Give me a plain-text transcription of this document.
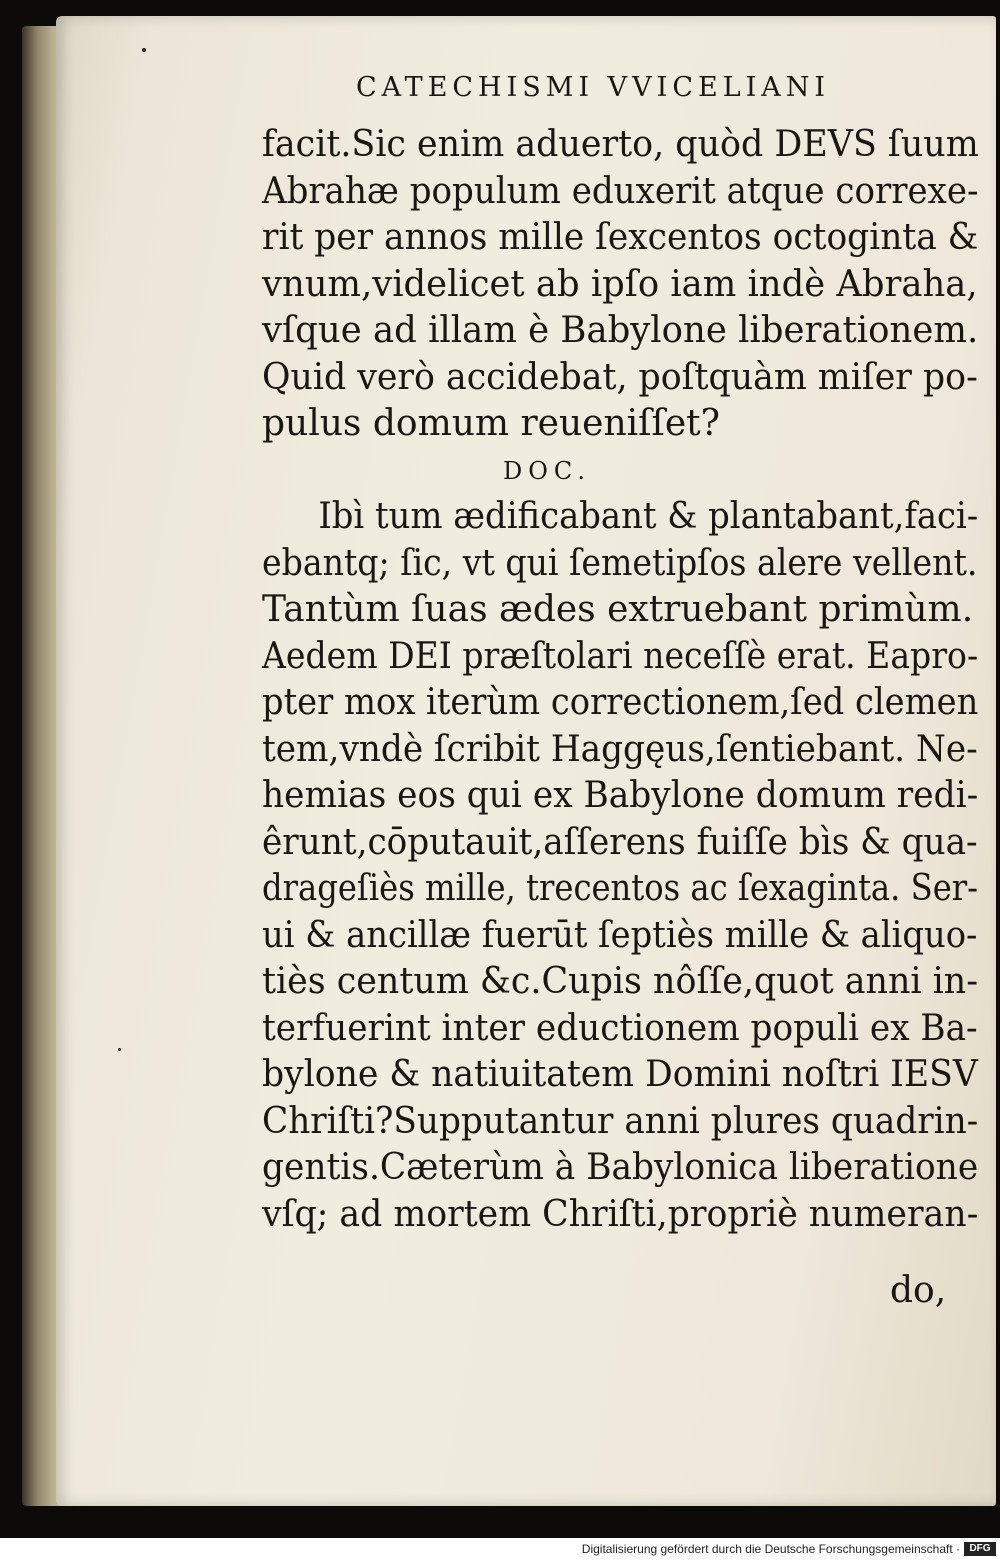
CATECHISMI VVICELIANI
facit.Sic enim aduerto, quòd DEVS ſuum
Abrahæ populum eduxerit atque correxe-
rit per annos mille ſexcentos octoginta &
vnum,videlicet ab ipſo iam indè Abraha,
vſque ad illam è Babylone liberationem.
Quid verò accidebat, poſtquàm miſer po-
pulus domum reueniſſet?
DOC.
Ibì tum ædificabant & plantabant,faci-
ebantq; ſic, vt qui ſemetipſos alere vellent.
Tantùm ſuas ædes extruebant primùm.
Aedem DEI præſtolari neceſſè erat. Eapro-
pter mox iterùm correctionem,ſed clemen
tem,vndè ſcribit Haggęus,ſentiebant. Ne-
hemias eos qui ex Babylone domum redi-
êrunt,cōputauit,aſſerens fuiſſe bìs & qua-
drageſiès mille, trecentos ac ſexaginta. Ser-
ui & ancillæ fuerūt ſeptiès mille & aliquo-
tiès centum &c.Cupis nôſſe,quot anni in-
terfuerint inter eductionem populi ex Ba-
bylone & natiuitatem Domini noſtri IESV
Chriſti?Supputantur anni plures quadrin-
gentis.Cæterùm à Babylonica liberatione
vſq; ad mortem Chriſti,propriè numeran-
do,
Digitalisierung gefördert durch die Deutsche Forschungsgemeinschaft · DFG
